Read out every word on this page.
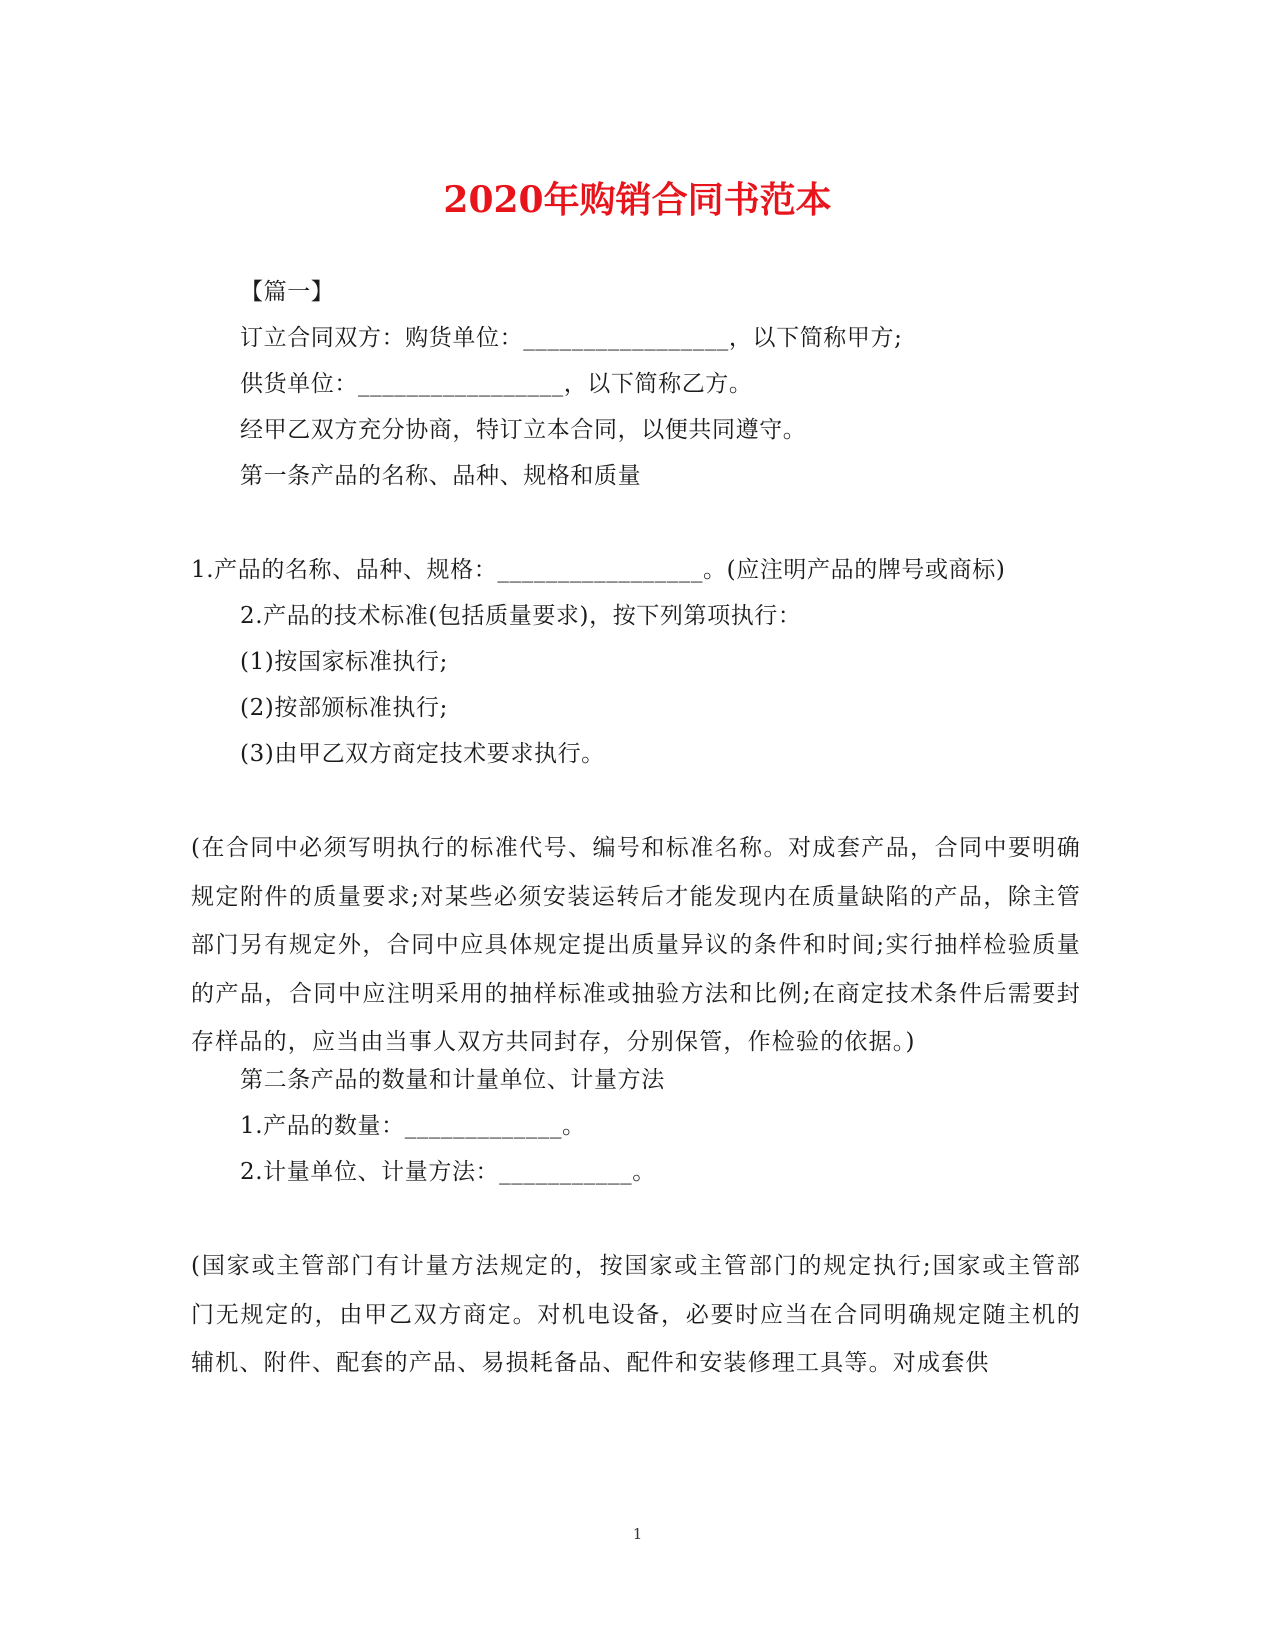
2020年购销合同书范本
【篇一】
订立合同双方：购货单位：_________________，以下简称甲方;
供货单位：_________________，以下简称乙方。
经甲乙双方充分协商，特订立本合同，以便共同遵守。
第一条产品的名称、品种、规格和质量
1.产品的名称、品种、规格：_________________。(应注明产品的牌号或商标)
2.产品的技术标准(包括质量要求)，按下列第项执行：
(1)按国家标准执行;
(2)按部颁标准执行;
(3)由甲乙双方商定技术要求执行。
(在合同中必须写明执行的标准代号、编号和标准名称。对成套产品，合同中要明确规定附件的质量要求;对某些必须安装运转后才能发现内在质量缺陷的产品，除主管部门另有规定外，合同中应具体规定提出质量异议的条件和时间;实行抽样检验质量的产品，合同中应注明采用的抽样标准或抽验方法和比例;在商定技术条件后需要封存样品的，应当由当事人双方共同封存，分别保管，作检验的依据。)
第二条产品的数量和计量单位、计量方法
1.产品的数量：_____________。
2.计量单位、计量方法：___________。
(国家或主管部门有计量方法规定的，按国家或主管部门的规定执行;国家或主管部门无规定的，由甲乙双方商定。对机电设备，必要时应当在合同明确规定随主机的辅机、附件、配套的产品、易损耗备品、配件和安装修理工具等。对成套供
1
